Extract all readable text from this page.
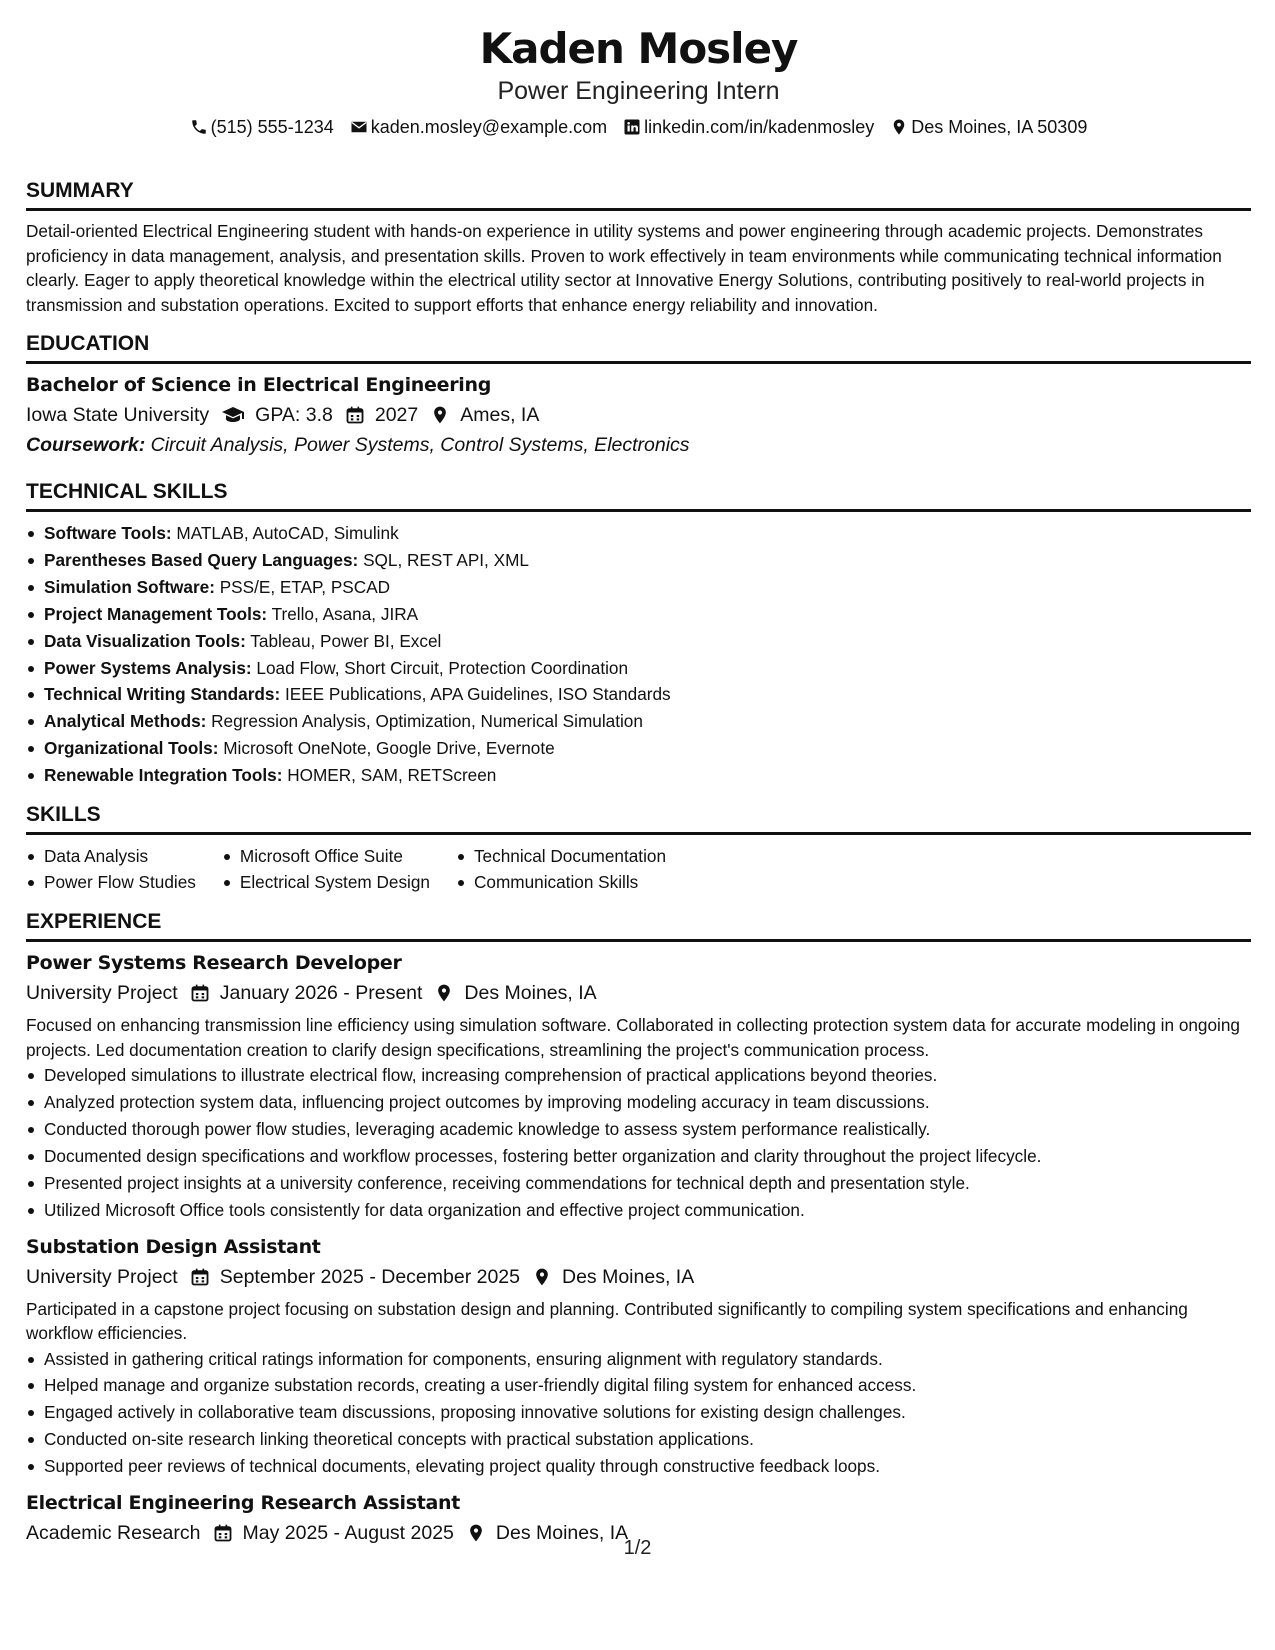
Kaden Mosley
Power Engineering Intern
(515) 555-1234 kaden.mosley@example.com linkedin.com/in/kadenmosley Des Moines, IA 50309
SUMMARY
Detail-oriented Electrical Engineering student with hands-on experience in utility systems and power engineering through academic projects. Demonstrates proficiency in data management, analysis, and presentation skills. Proven to work effectively in team environments while communicating technical information clearly. Eager to apply theoretical knowledge within the electrical utility sector at Innovative Energy Solutions, contributing positively to real-world projects in transmission and substation operations. Excited to support efforts that enhance energy reliability and innovation.
EDUCATION
Bachelor of Science in Electrical Engineering
Iowa State University GPA: 3.8 2027 Ames, IA
Coursework: Circuit Analysis, Power Systems, Control Systems, Electronics
TECHNICAL SKILLS
Software Tools: MATLAB, AutoCAD, Simulink
Parentheses Based Query Languages: SQL, REST API, XML
Simulation Software: PSS/E, ETAP, PSCAD
Project Management Tools: Trello, Asana, JIRA
Data Visualization Tools: Tableau, Power BI, Excel
Power Systems Analysis: Load Flow, Short Circuit, Protection Coordination
Technical Writing Standards: IEEE Publications, APA Guidelines, ISO Standards
Analytical Methods: Regression Analysis, Optimization, Numerical Simulation
Organizational Tools: Microsoft OneNote, Google Drive, Evernote
Renewable Integration Tools: HOMER, SAM, RETScreen
SKILLS
Data Analysis
Power Flow Studies
Microsoft Office Suite
Electrical System Design
Technical Documentation
Communication Skills
EXPERIENCE
Power Systems Research Developer
University Project January 2026 - Present Des Moines, IA
Focused on enhancing transmission line efficiency using simulation software. Collaborated in collecting protection system data for accurate modeling in ongoing projects. Led documentation creation to clarify design specifications, streamlining the project's communication process.
Developed simulations to illustrate electrical flow, increasing comprehension of practical applications beyond theories.
Analyzed protection system data, influencing project outcomes by improving modeling accuracy in team discussions.
Conducted thorough power flow studies, leveraging academic knowledge to assess system performance realistically.
Documented design specifications and workflow processes, fostering better organization and clarity throughout the project lifecycle.
Presented project insights at a university conference, receiving commendations for technical depth and presentation style.
Utilized Microsoft Office tools consistently for data organization and effective project communication.
Substation Design Assistant
University Project September 2025 - December 2025 Des Moines, IA
Participated in a capstone project focusing on substation design and planning. Contributed significantly to compiling system specifications and enhancing workflow efficiencies.
Assisted in gathering critical ratings information for components, ensuring alignment with regulatory standards.
Helped manage and organize substation records, creating a user-friendly digital filing system for enhanced access.
Engaged actively in collaborative team discussions, proposing innovative solutions for existing design challenges.
Conducted on-site research linking theoretical concepts with practical substation applications.
Supported peer reviews of technical documents, elevating project quality through constructive feedback loops.
Electrical Engineering Research Assistant
Academic Research May 2025 - August 2025 Des Moines, IA
1/2
